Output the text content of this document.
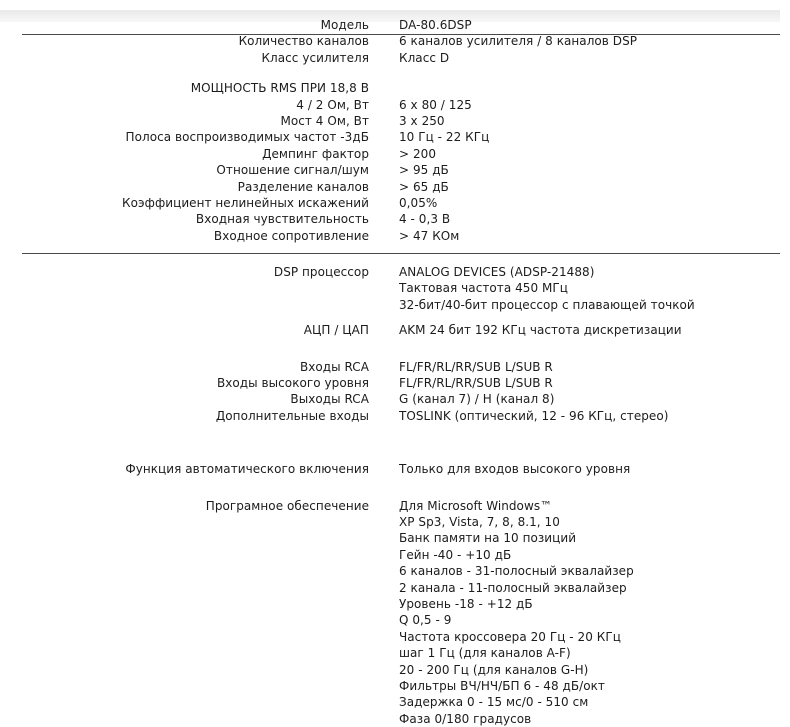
Модель	DA-80.6DSP
Количество каналов	6 каналов усилителя / 8 каналов DSP
Класс усилителя	Класс D
МОЩНОСТЬ RMS ПРИ 18,8 В
4 / 2 Ом, Вт	6 x 80 / 125
Мост 4 Ом, Вт	3 x 250
Полоса воспроизводимых частот -3дБ	10 Гц - 22 КГц
Демпинг фактор	> 200
Отношение сигнал/шум	> 95 дБ
Разделение каналов	> 65 дБ
Коэффициент нелинейных искажений	0,05%
Входная чувствительность	4 - 0,3 В
Входное сопротивление	> 47 КОм
DSP процессор	ANALOG DEVICES (ADSP-21488)
Тактовая частота 450 МГц
32-бит/40-бит процессор с плавающей точкой
АЦП / ЦАП	AKM 24 бит 192 КГц частота дискретизации
Входы RCA	FL/FR/RL/RR/SUB L/SUB R
Входы высокого уровня	FL/FR/RL/RR/SUB L/SUB R
Выходы RCA	G (канал 7) / H (канал 8)
Дополнительные входы	TOSLINK (оптический, 12 - 96 КГц, стерео)
Функция автоматического включения	Только для входов высокого уровня
Програмное обеспечение	Для Microsoft Windows™
XP Sp3, Vista, 7, 8, 8.1, 10
Банк памяти на 10 позиций
Гейн -40 - +10 дБ
6 каналов - 31-полосный эквалайзер
2 канала - 11-полосный эквалайзер
Уровень -18 - +12 дБ
Q 0,5 - 9
Частота кроссовера 20 Гц - 20 КГц
шаг 1 Гц (для каналов A-F)
20 - 200 Гц (для каналов G-H)
Фильтры ВЧ/НЧ/БП 6 - 48 дБ/окт
Задержка 0 - 15 мс/0 - 510 см
Фаза 0/180 градусов
